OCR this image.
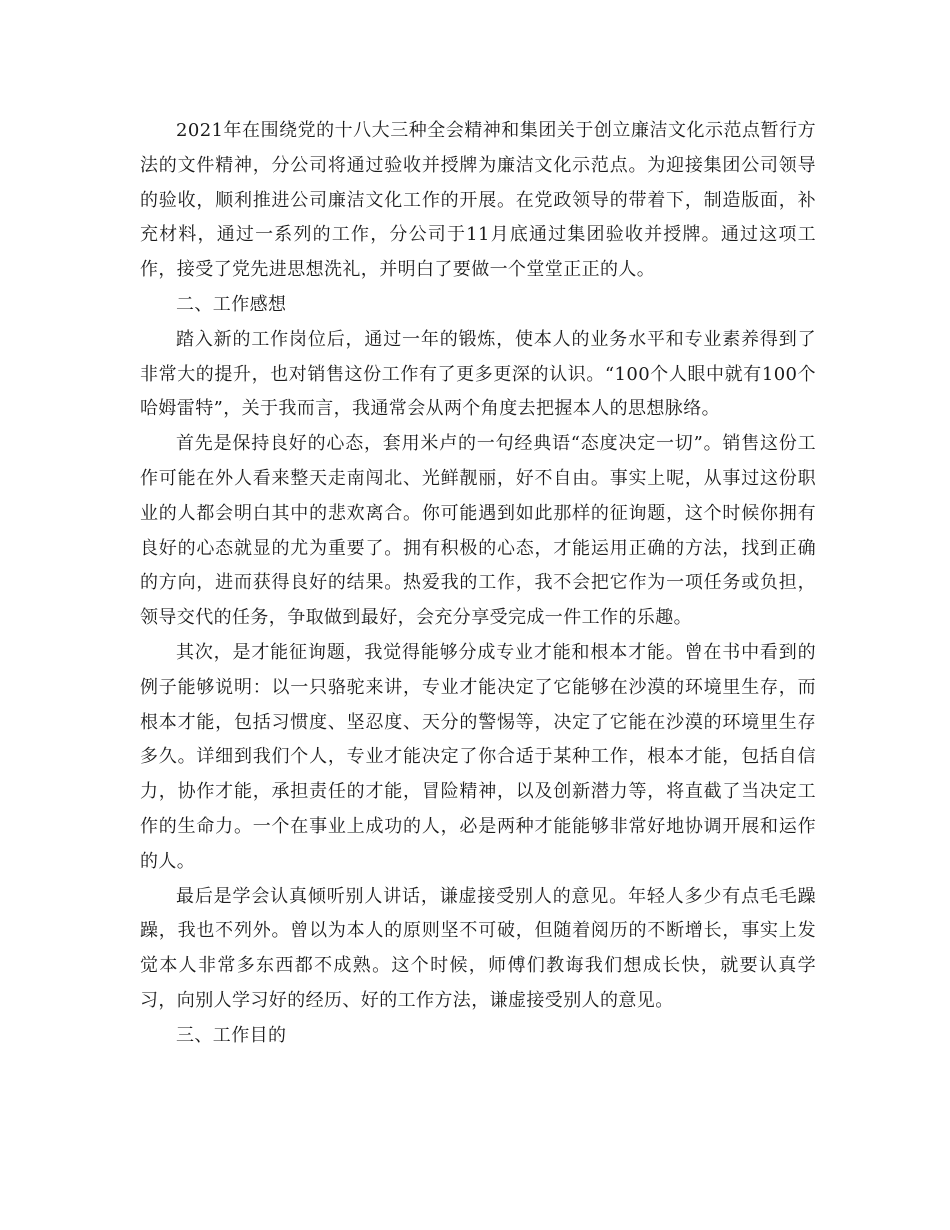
2021年在围绕党的十八大三种全会精神和集团关于创立廉洁文化示范点暂行方法的文件精神，分公司将通过验收并授牌为廉洁文化示范点。为迎接集团公司领导的验收，顺利推进公司廉洁文化工作的开展。在党政领导的带着下，制造版面，补充材料，通过一系列的工作，分公司于11月底通过集团验收并授牌。通过这项工作，接受了党先进思想洗礼，并明白了要做一个堂堂正正的人。

二、工作感想

踏入新的工作岗位后，通过一年的锻炼，使本人的业务水平和专业素养得到了非常大的提升，也对销售这份工作有了更多更深的认识。“100个人眼中就有100个哈姆雷特”，关于我而言，我通常会从两个角度去把握本人的思想脉络。

首先是保持良好的心态，套用米卢的一句经典语“态度决定一切”。销售这份工作可能在外人看来整天走南闯北、光鲜靓丽，好不自由。事实上呢，从事过这份职业的人都会明白其中的悲欢离合。你可能遇到如此那样的征询题，这个时候你拥有良好的心态就显的尤为重要了。拥有积极的心态，才能运用正确的方法，找到正确的方向，进而获得良好的结果。热爱我的工作，我不会把它作为一项任务或负担，领导交代的任务，争取做到最好，会充分享受完成一件工作的乐趣。

其次，是才能征询题，我觉得能够分成专业才能和根本才能。曾在书中看到的例子能够说明：以一只骆驼来讲，专业才能决定了它能够在沙漠的环境里生存，而根本才能，包括习惯度、坚忍度、天分的警惕等，决定了它能在沙漠的环境里生存多久。详细到我们个人，专业才能决定了你合适于某种工作，根本才能，包括自信力，协作才能，承担责任的才能，冒险精神，以及创新潜力等，将直截了当决定工作的生命力。一个在事业上成功的人，必是两种才能能够非常好地协调开展和运作的人。

最后是学会认真倾听别人讲话，谦虚接受别人的意见。年轻人多少有点毛毛躁躁，我也不列外。曾以为本人的原则坚不可破，但随着阅历的不断增长，事实上发觉本人非常多东西都不成熟。这个时候，师傅们教诲我们想成长快，就要认真学习，向别人学习好的经历、好的工作方法，谦虚接受别人的意见。

三、工作目的
